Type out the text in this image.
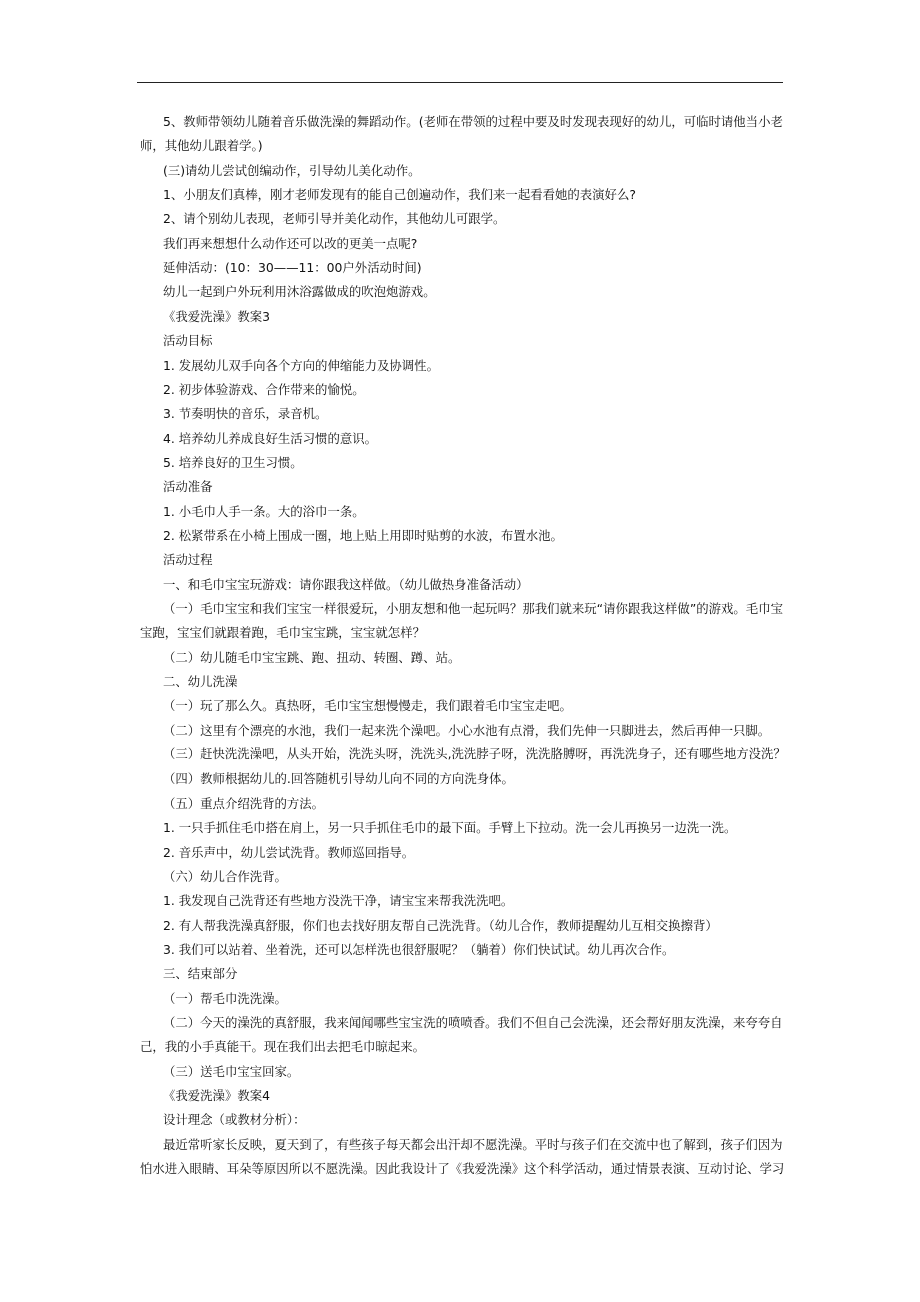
5、教师带领幼儿随着音乐做洗澡的舞蹈动作。(老师在带领的过程中要及时发现表现好的幼儿，可临时请他当小老
师，其他幼儿跟着学。)
(三)请幼儿尝试创编动作，引导幼儿美化动作。
1、小朋友们真棒，刚才老师发现有的能自己创遍动作，我们来一起看看她的表演好么?
2、请个别幼儿表现，老师引导并美化动作，其他幼儿可跟学。
我们再来想想什么动作还可以改的更美一点呢?
延伸活动：(10：30——11：00户外活动时间)
幼儿一起到户外玩利用沐浴露做成的吹泡炮游戏。
《我爱洗澡》教案3
活动目标
1. 发展幼儿双手向各个方向的伸缩能力及协调性。
2. 初步体验游戏、合作带来的愉悦。
3. 节奏明快的音乐，录音机。
4. 培养幼儿养成良好生活习惯的意识。
5. 培养良好的卫生习惯。
活动准备
1. 小毛巾人手一条。大的浴巾一条。
2. 松紧带系在小椅上围成一圈，地上贴上用即时贴剪的水波，布置水池。
活动过程
一、和毛巾宝宝玩游戏：请你跟我这样做。（幼儿做热身准备活动）
（一）毛巾宝宝和我们宝宝一样很爱玩，小朋友想和他一起玩吗？那我们就来玩“请你跟我这样做”的游戏。毛巾宝
宝跑，宝宝们就跟着跑，毛巾宝宝跳，宝宝就怎样？
（二）幼儿随毛巾宝宝跳、跑、扭动、转圈、蹲、站。
二、幼儿洗澡
（一）玩了那么久。真热呀，毛巾宝宝想慢慢走，我们跟着毛巾宝宝走吧。
（二）这里有个漂亮的水池，我们一起来洗个澡吧。小心水池有点滑，我们先伸一只脚进去，然后再伸一只脚。
（三）赶快洗洗澡吧，从头开始，洗洗头呀，洗洗头,洗洗脖子呀，洗洗胳膊呀，再洗洗身子，还有哪些地方没洗？
（四）教师根据幼儿的.回答随机引导幼儿向不同的方向洗身体。
（五）重点介绍洗背的方法。
1. 一只手抓住毛巾搭在肩上，另一只手抓住毛巾的最下面。手臂上下拉动。洗一会儿再换另一边洗一洗。
2. 音乐声中，幼儿尝试洗背。教师巡回指导。
（六）幼儿合作洗背。
1. 我发现自己洗背还有些地方没洗干净，请宝宝来帮我洗洗吧。
2. 有人帮我洗澡真舒服，你们也去找好朋友帮自己洗洗背。（幼儿合作，教师提醒幼儿互相交换擦背）
3. 我们可以站着、坐着洗，还可以怎样洗也很舒服呢？（躺着）你们快试试。幼儿再次合作。
三、结束部分
（一）帮毛巾洗洗澡。
（二）今天的澡洗的真舒服，我来闻闻哪些宝宝洗的喷喷香。我们不但自己会洗澡，还会帮好朋友洗澡，来夸夸自
己，我的小手真能干。现在我们出去把毛巾晾起来。
（三）送毛巾宝宝回家。
《我爱洗澡》教案4
设计理念（或教材分析）：
最近常听家长反映，夏天到了，有些孩子每天都会出汗却不愿洗澡。平时与孩子们在交流中也了解到，孩子们因为
怕水进入眼睛、耳朵等原因所以不愿洗澡。因此我设计了《我爱洗澡》这个科学活动，通过情景表演、互动讨论、学习
